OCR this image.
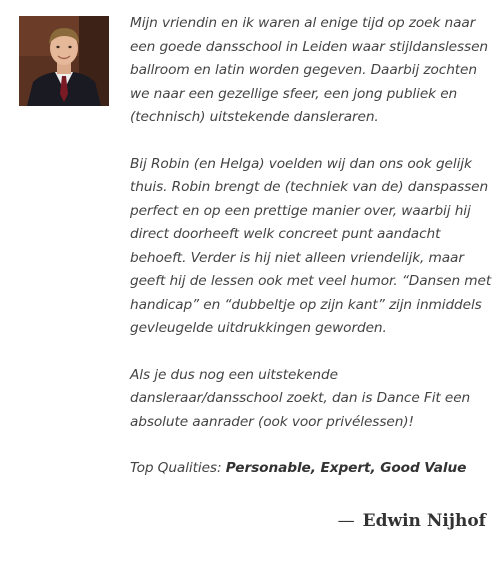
Mijn vriendin en ik waren al enige tijd op zoek naar een goede dansschool in Leiden waar stijldanslessen ballroom en latin worden gegeven. Daarbij zochten we naar een gezellige sfeer, een jong publiek en (technisch) uitstekende dansleraren.

Bij Robin (en Helga) voelden wij dan ons ook gelijk thuis. Robin brengt de (techniek van de) danspassen perfect en op een prettige manier over, waarbij hij direct doorheeft welk concreet punt aandacht behoeft. Verder is hij niet alleen vriendelijk, maar geeft hij de lessen ook met veel humor. “Dansen met handicap” en “dubbeltje op zijn kant” zijn inmiddels gevleugelde uitdrukkingen geworden.

Als je dus nog een uitstekende dansleraar/dansschool zoekt, dan is Dance Fit een absolute aanrader (ook voor privélessen)!

Top Qualities: Personable, Expert, Good Value

— Edwin Nijhof
